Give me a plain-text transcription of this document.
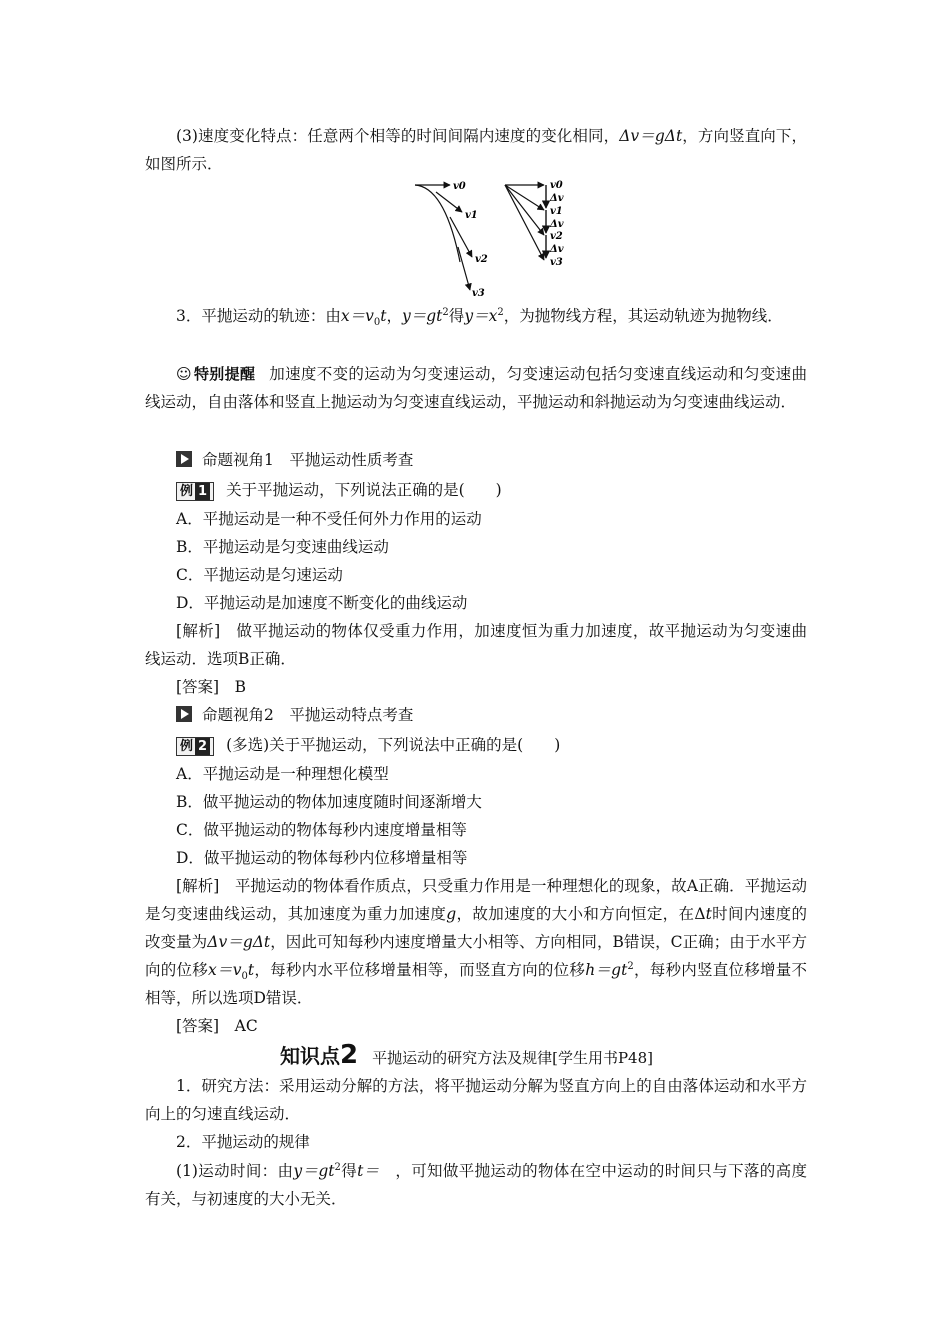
(3)速度变化特点：任意两个相等的时间间隔内速度的变化相同，Δv＝gΔt，方向竖直向下，如图所示．

v0
v1
v2
v3
v0
Δv
v1
Δv
v2
Δv
v3

3．平抛运动的轨迹：由$x=v_0t$，$y=gt^2$得$y=x^2$，为抛物线方程，其运动轨迹为抛物线．

☺ 特别提醒 加速度不变的运动为匀变速运动，匀变速运动包括匀变速直线运动和匀变速曲线运动，自由落体和竖直上抛运动为匀变速直线运动，平抛运动和斜抛运动为匀变速曲线运动．

命题视角1　平抛运动性质考查
例 1 关于平抛运动，下列说法正确的是(　　)
A．平抛运动是一种不受任何外力作用的运动
B．平抛运动是匀变速曲线运动
C．平抛运动是匀速运动
D．平抛运动是加速度不断变化的曲线运动

[解析]　 做平抛运动的物体仅受重力作用，加速度恒为重力加速度，故平抛运动为匀变速曲线运动．选项B正确．

[答案]　 B
命题视角2　平抛运动特点考查
例 2 (多选)关于平抛运动，下列说法中正确的是(　　)
A．平抛运动是一种理想化模型
B．做平抛运动的物体加速度随时间逐渐增大
C．做平抛运动的物体每秒内速度增量相等
D．做平抛运动的物体每秒内位移增量相等

[解析]　 平抛运动的物体看作质点，只受重力作用是一种理想化的现象，故A正确．平抛运动是匀变速曲线运动，其加速度为重力加速度g，故加速度的大小和方向恒定，在Δt时间内速度的改变量为Δv＝gΔt，因此可知每秒内速度增量大小相等、方向相同，B错误，C正确；由于水平方向的位移$x=v_0t$，每秒内水平位移增量相等，而竖直方向的位移$h=gt^2$，每秒内竖直位移增量不相等，所以选项D错误．

[答案]　 AC
知识点2 平抛运动的研究方法及规律[学生用书P48]

1．研究方法：采用运动分解的方法，将平抛运动分解为竖直方向上的自由落体运动和水平方向上的匀速直线运动．

2．平抛运动的规律

(1)运动时间：由$y=gt^2$得t＝　 ，可知做平抛运动的物体在空中运动的时间只与下落的高度有关，与初速度的大小无关．
